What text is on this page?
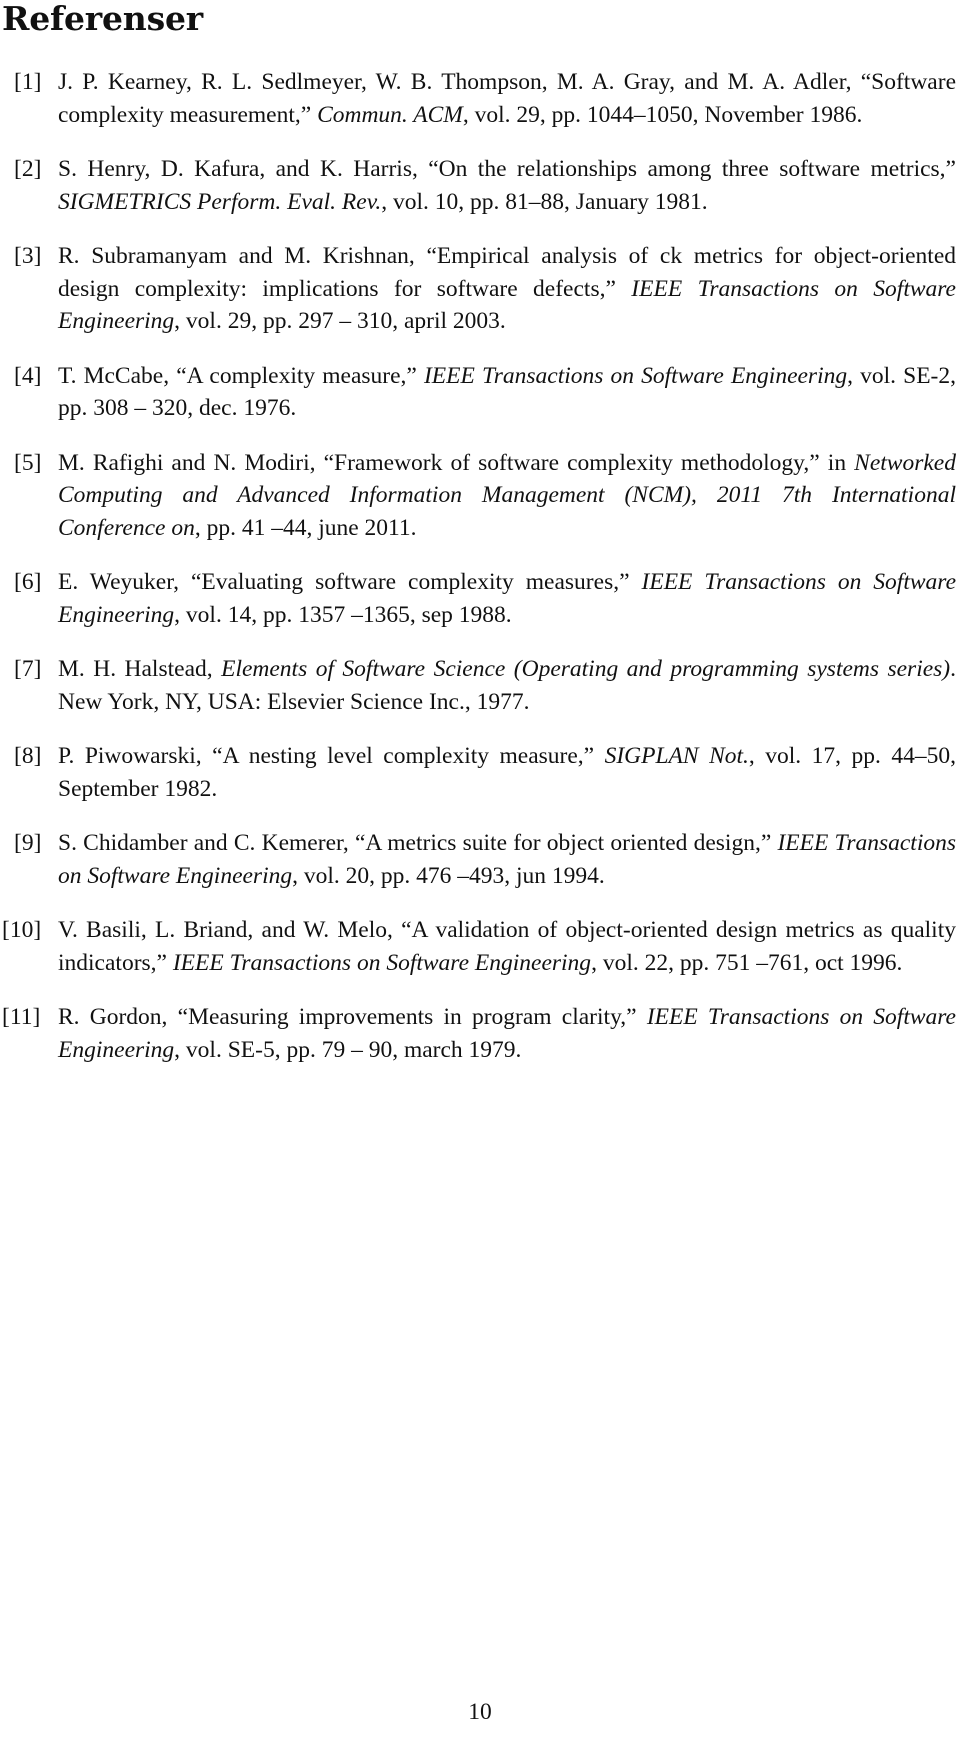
Referenser
[1] J. P. Kearney, R. L. Sedlmeyer, W. B. Thompson, M. A. Gray, and M. A. Adler, “Software complexity measurement,” Commun. ACM, vol. 29, pp. 1044–1050, November 1986.
[2] S. Henry, D. Kafura, and K. Harris, “On the relationships among three software metrics,” SIGMETRICS Perform. Eval. Rev., vol. 10, pp. 81–88, January 1981.
[3] R. Subramanyam and M. Krishnan, “Empirical analysis of ck metrics for object-oriented design complexity: implications for software defects,” IEEE Transactions on Software Engineering, vol. 29, pp. 297 – 310, april 2003.
[4] T. McCabe, “A complexity measure,” IEEE Transactions on Software Engineering, vol. SE-2, pp. 308 – 320, dec. 1976.
[5] M. Rafighi and N. Modiri, “Framework of software complexity methodology,” in Networked Computing and Advanced Information Management (NCM), 2011 7th International Conference on, pp. 41 –44, june 2011.
[6] E. Weyuker, “Evaluating software complexity measures,” IEEE Transactions on Software Engineering, vol. 14, pp. 1357 –1365, sep 1988.
[7] M. H. Halstead, Elements of Software Science (Operating and programming systems series). New York, NY, USA: Elsevier Science Inc., 1977.
[8] P. Piwowarski, “A nesting level complexity measure,” SIGPLAN Not., vol. 17, pp. 44–50, September 1982.
[9] S. Chidamber and C. Kemerer, “A metrics suite for object oriented design,” IEEE Transactions on Software Engineering, vol. 20, pp. 476 –493, jun 1994.
[10] V. Basili, L. Briand, and W. Melo, “A validation of object-oriented design metrics as quality indicators,” IEEE Transactions on Software Engineering, vol. 22, pp. 751 –761, oct 1996.
[11] R. Gordon, “Measuring improvements in program clarity,” IEEE Transactions on Software Engineering, vol. SE-5, pp. 79 – 90, march 1979.
10
